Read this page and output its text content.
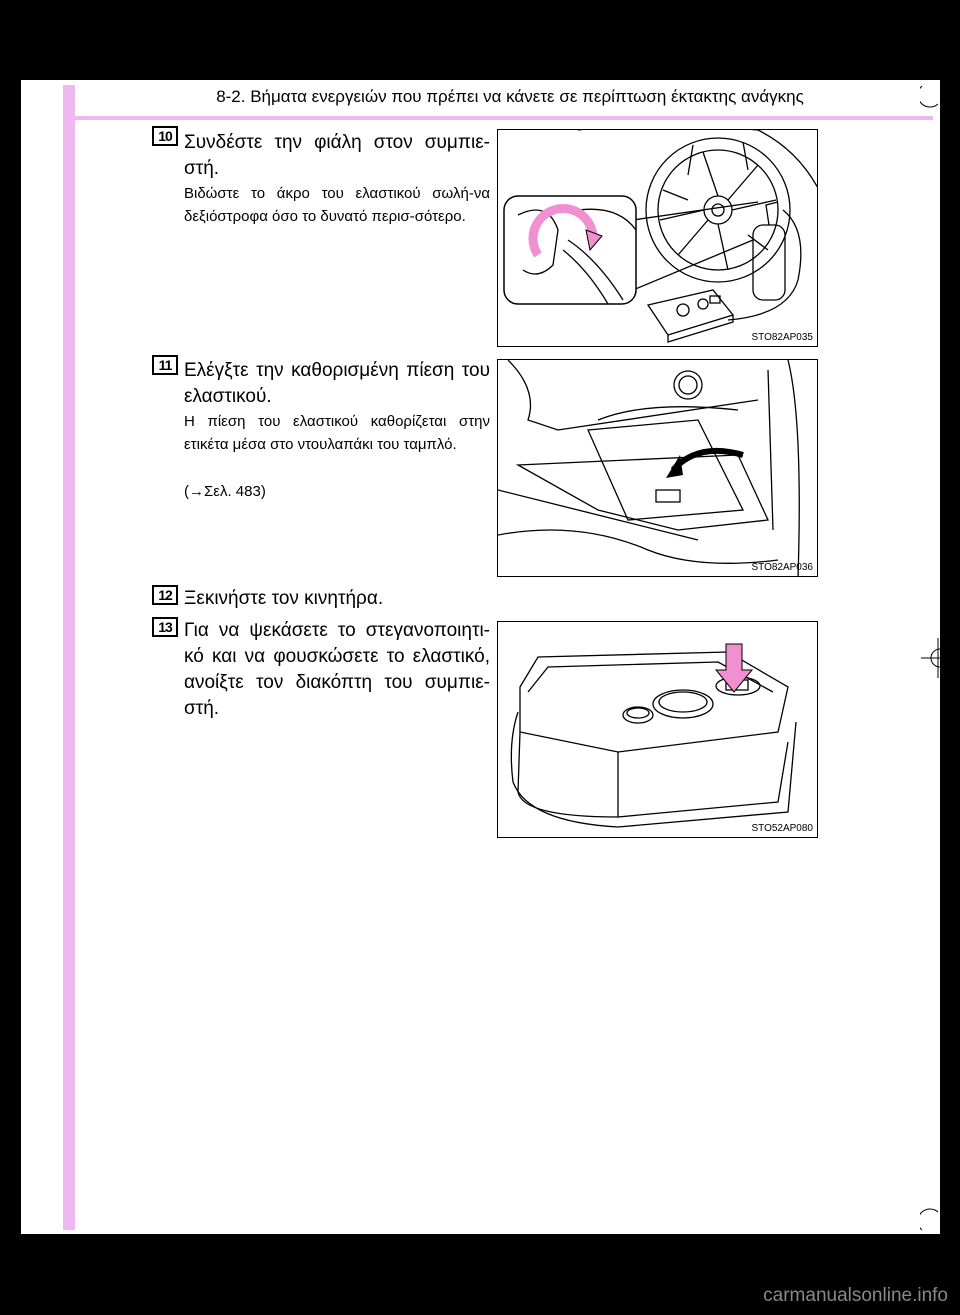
8-2. Βήματα ενεργειών που πρέπει να κάνετε σε περίπτωση έκτακτης ανάγκης
10 Συνδέστε την φιάλη στον συμπιε-στή.
Βιδώστε το άκρο του ελαστικού σωλή-να δεξιόστροφα όσο το δυνατό περισ-σότερο.
STO82AP035
11 Ελέγξτε την καθορισμένη πίεση του ελαστικού.
Η πίεση του ελαστικού καθορίζεται στην ετικέτα μέσα στο ντουλαπάκι του ταμπλό.
(→Σελ. 483)
STO82AP036
12 Ξεκινήστε τον κινητήρα.
13 Για να ψεκάσετε το στεγανοποιητι-κό και να φουσκώσετε το ελαστικό, ανοίξτε τον διακόπτη του συμπιε-στή.
STO52AP080
carmanualsonline.info
